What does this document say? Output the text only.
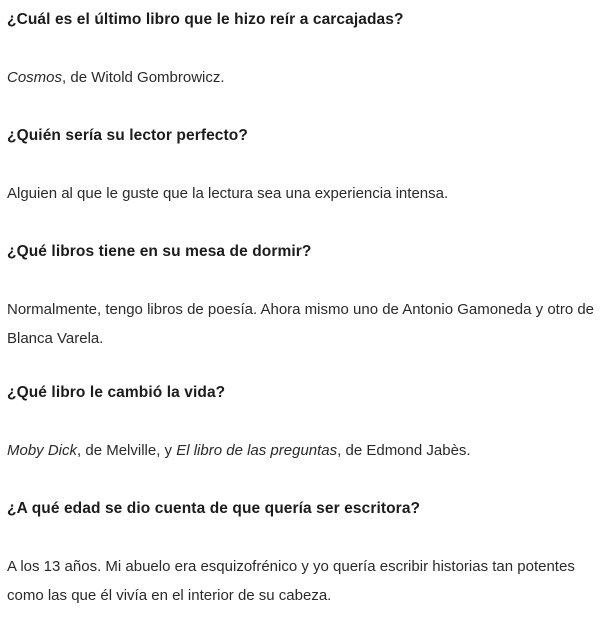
¿Cuál es el último libro que le hizo reír a carcajadas?

Cosmos, de Witold Gombrowicz.

¿Quién sería su lector perfecto?

Alguien al que le guste que la lectura sea una experiencia intensa.

¿Qué libros tiene en su mesa de dormir?

Normalmente, tengo libros de poesía. Ahora mismo uno de Antonio Gamoneda y otro de Blanca Varela.

¿Qué libro le cambió la vida?

Moby Dick, de Melville, y El libro de las preguntas, de Edmond Jabès.

¿A qué edad se dio cuenta de que quería ser escritora?

A los 13 años. Mi abuelo era esquizofrénico y yo quería escribir historias tan potentes como las que él vivía en el interior de su cabeza.
